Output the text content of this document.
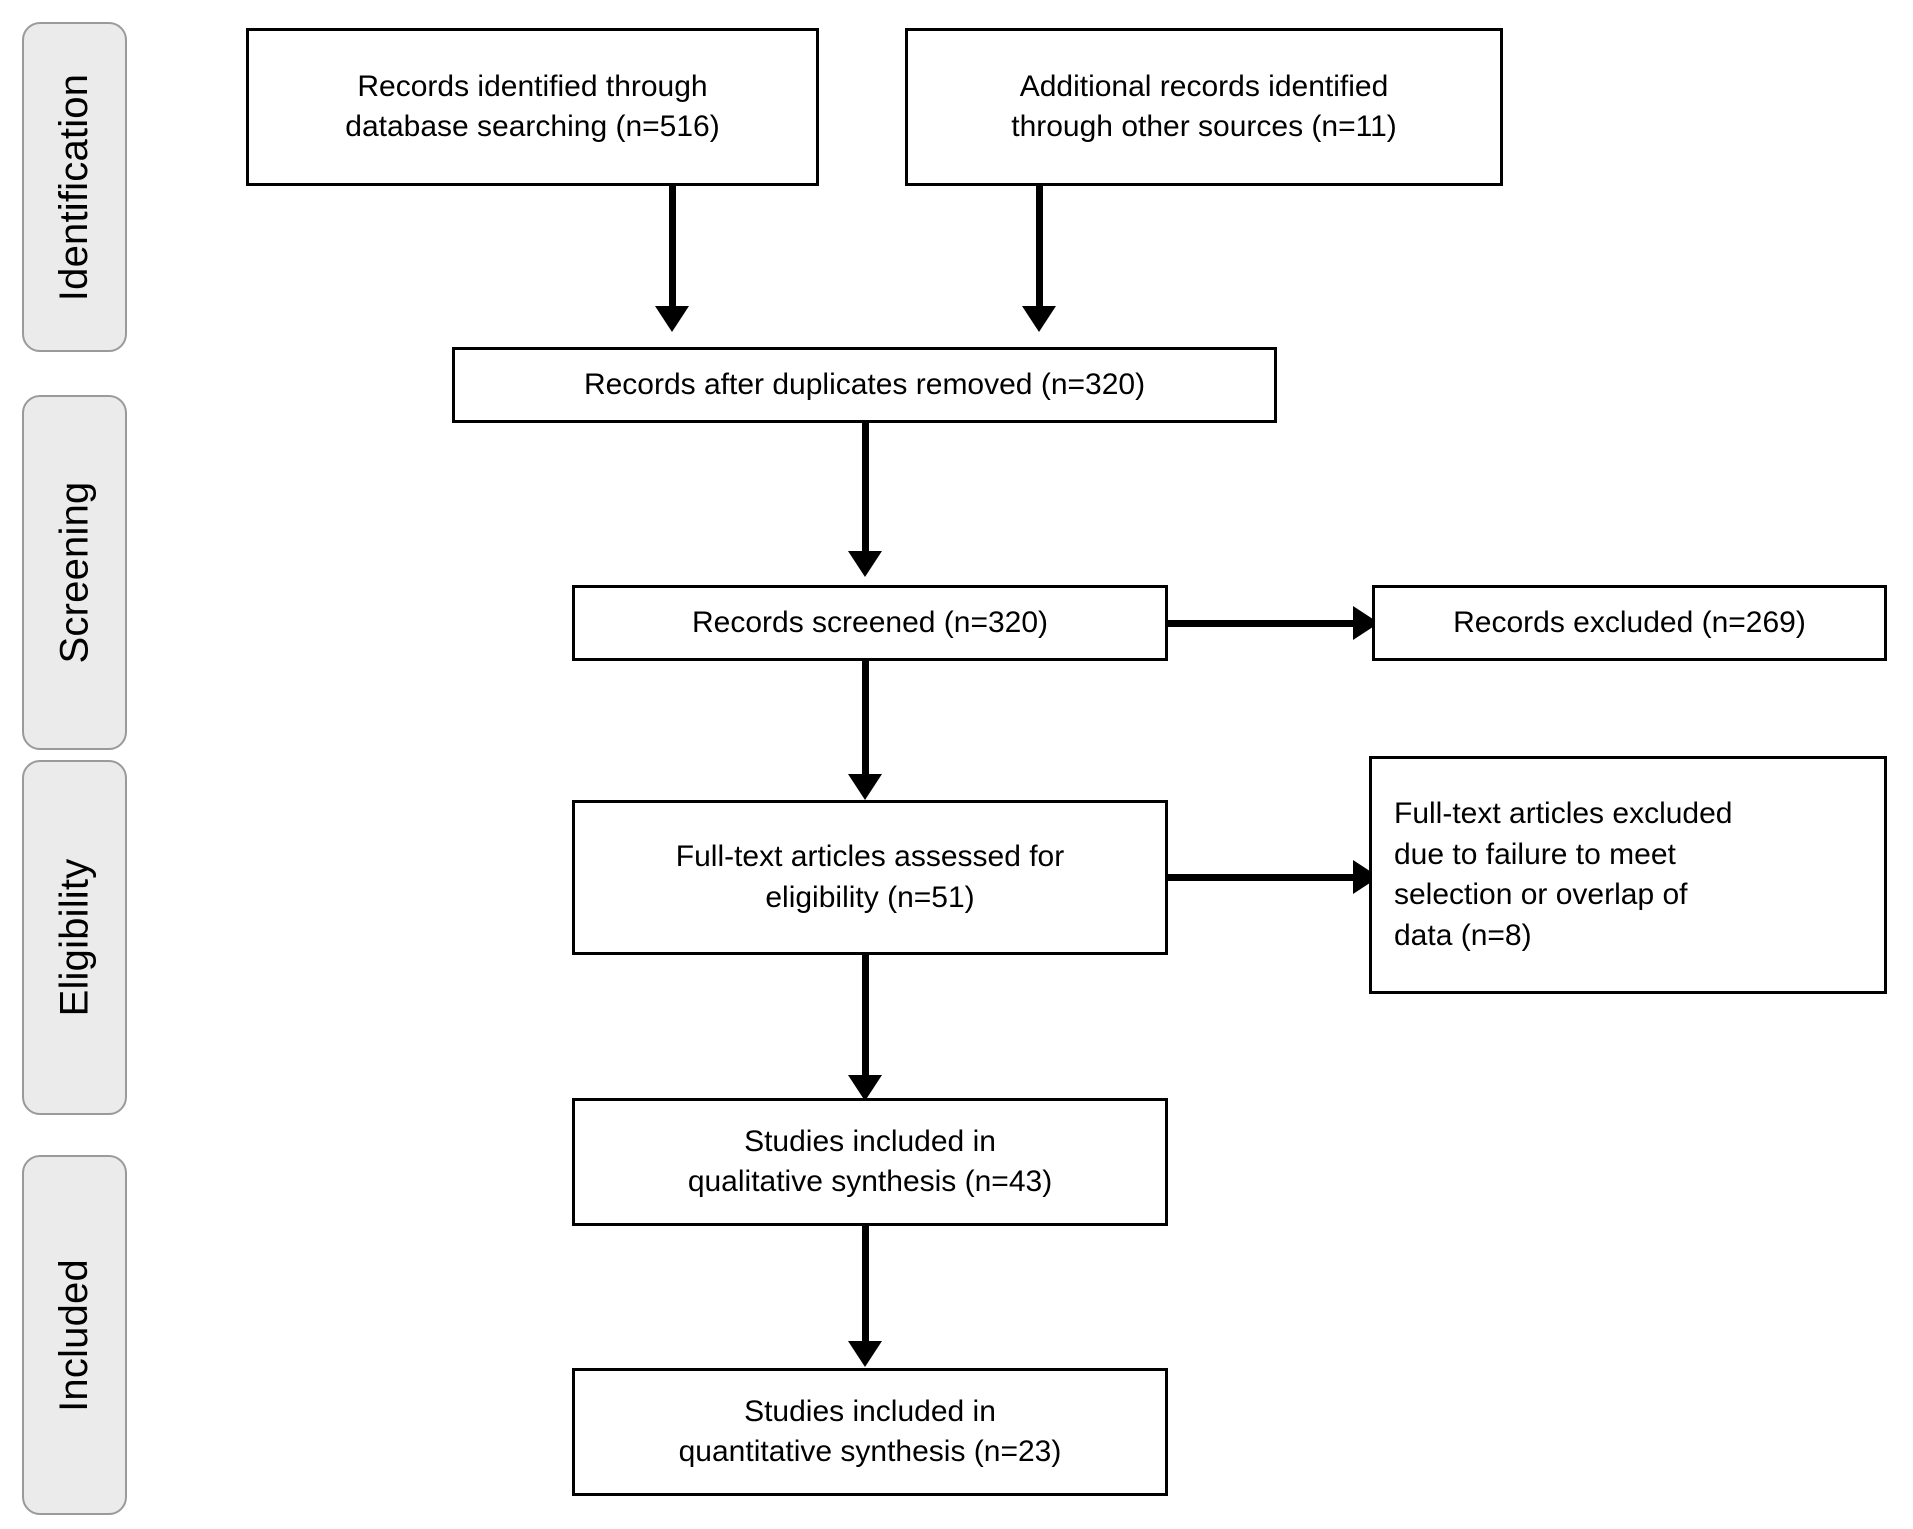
Identification
Screening
Eligibility
Included
Records identified through
database searching (n=516)
Additional records identified
through other sources (n=11)
Records after duplicates removed (n=320)
Records screened (n=320)	Records excluded (n=269)
Full-text articles assessed for
eligibility (n=51)
Full-text articles excluded
due to failure to meet
selection or overlap of
data (n=8)
Studies included in
qualitative synthesis (n=43)
Studies included in
quantitative synthesis (n=23)
